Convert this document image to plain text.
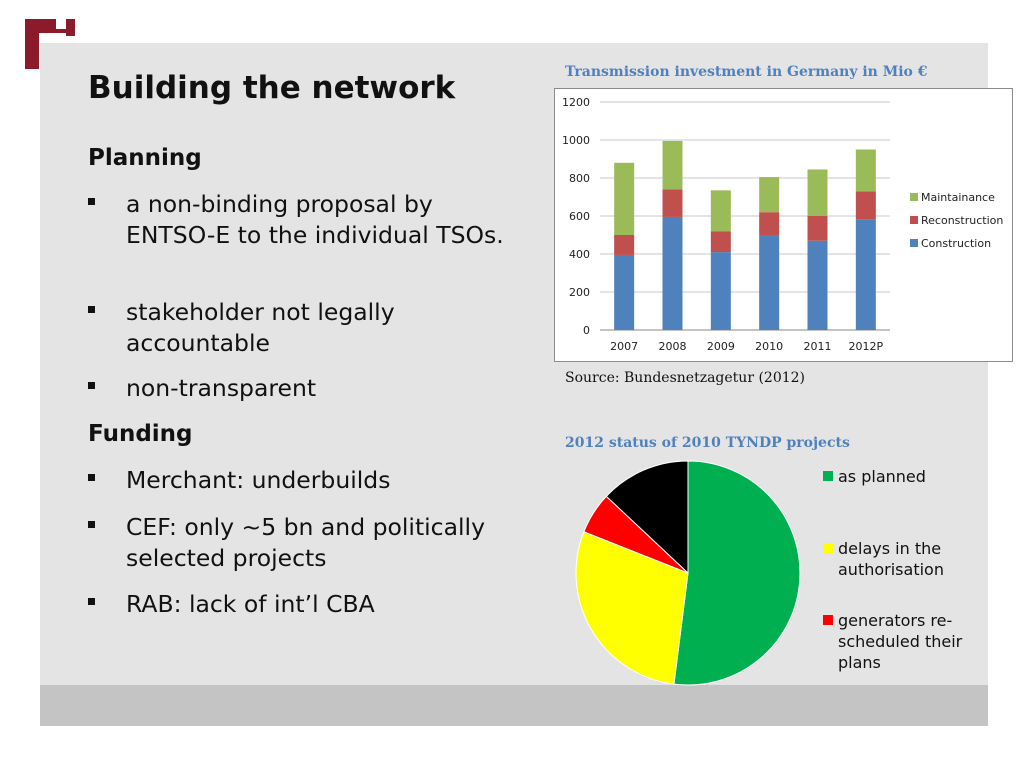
Building the network
Planning
a non-binding proposal by ENTSO-E to the individual TSOs.
stakeholder not legally accountable
non-transparent
Funding
Merchant: underbuilds
CEF: only ~5 bn and politically selected projects
RAB: lack of int’l CBA
Transmission investment in Germany in Mio €
0
200
400
600
800
1000
1200
2007 2008 2009 2010 2011 2012P
Maintainance
Reconstruction
Construction
Source: Bundesnetzagetur (2012)
2012 status of 2010 TYNDP projects
as planned
delays in the authorisation
generators re-scheduled their plans
